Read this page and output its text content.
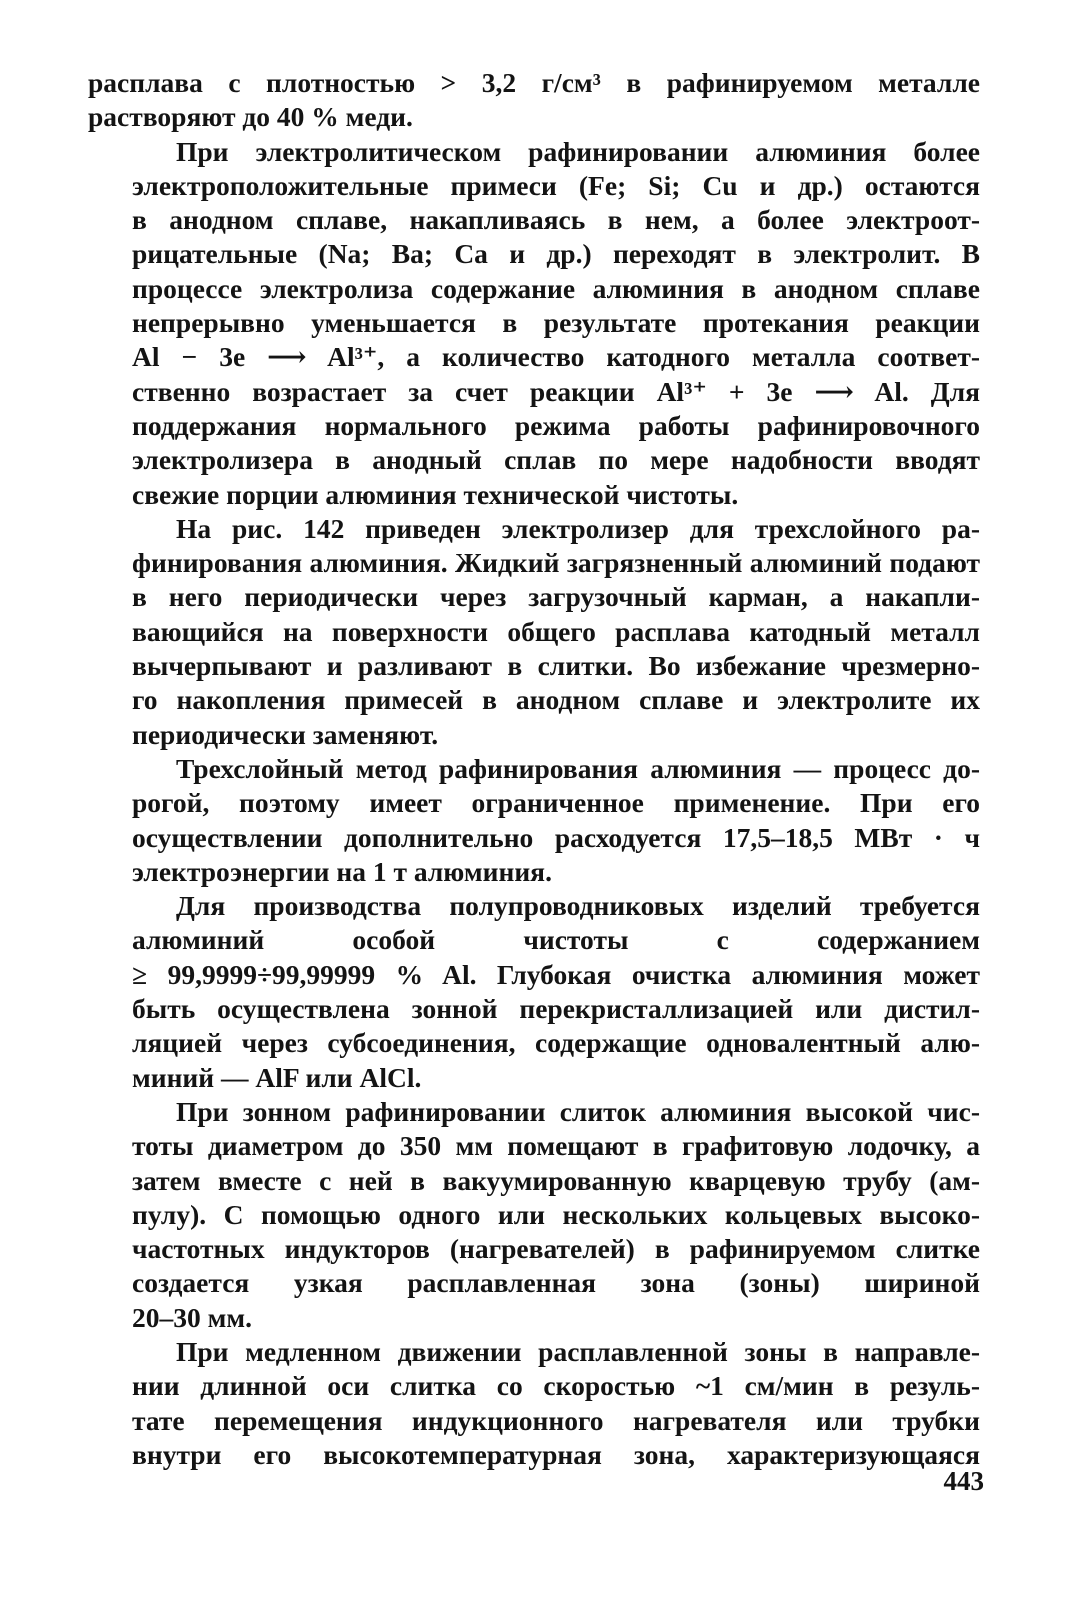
расплава с плотностью > 3,2 г/см³ в рафинируемом металле
растворяют до 40 % меди.

При электролитическом рафинировании алюминия более
электроположительные примеси (Fe; Si; Cu и др.) остаются
в анодном сплаве, накапливаясь в нем, а более электроот-
рицательные (Na; Ba; Ca и др.) переходят в электролит. В
процессе электролиза содержание алюминия в анодном сплаве
непрерывно уменьшается в результате протекания реакции
Al − 3e ⟶ Al³⁺, а количество катодного металла соответ-
ственно возрастает за счет реакции Al³⁺ + 3e ⟶ Al. Для
поддержания нормального режима работы рафинировочного
электролизера в анодный сплав по мере надобности вводят
свежие порции алюминия технической чистоты.

На рис. 142 приведен электролизер для трехслойного ра-
финирования алюминия. Жидкий загрязненный алюминий подают
в него периодически через загрузочный карман, а накапли-
вающийся на поверхности общего расплава катодный металл
вычерпывают и разливают в слитки. Во избежание чрезмерно-
го накопления примесей в анодном сплаве и электролите их
периодически заменяют.

Трехслойный метод рафинирования алюминия — процесс до-
рогой, поэтому имеет ограниченное применение. При его
осуществлении дополнительно расходуется 17,5–18,5 МВт · ч
электроэнергии на 1 т алюминия.

Для производства полупроводниковых изделий требуется
алюминий особой чистоты с содержанием
≥ 99,9999÷99,99999 % Al. Глубокая очистка алюминия может
быть осуществлена зонной перекристаллизацией или дистил-
ляцией через субсоединения, содержащие одновалентный алю-
миний — AlF или AlCl.

При зонном рафинировании слиток алюминия высокой чис-
тоты диаметром до 350 мм помещают в графитовую лодочку, а
затем вместе с ней в вакуумированную кварцевую трубу (ам-
пулу). С помощью одного или нескольких кольцевых высоко-
частотных индукторов (нагревателей) в рафинируемом слитке
создается узкая расплавленная зона (зоны) шириной
20–30 мм.

При медленном движении расплавленной зоны в направле-
нии длинной оси слитка со скоростью ~1 см/мин в резуль-
тате перемещения индукционного нагревателя или трубки
внутри его высокотемпературная зона, характеризующаяся

443
